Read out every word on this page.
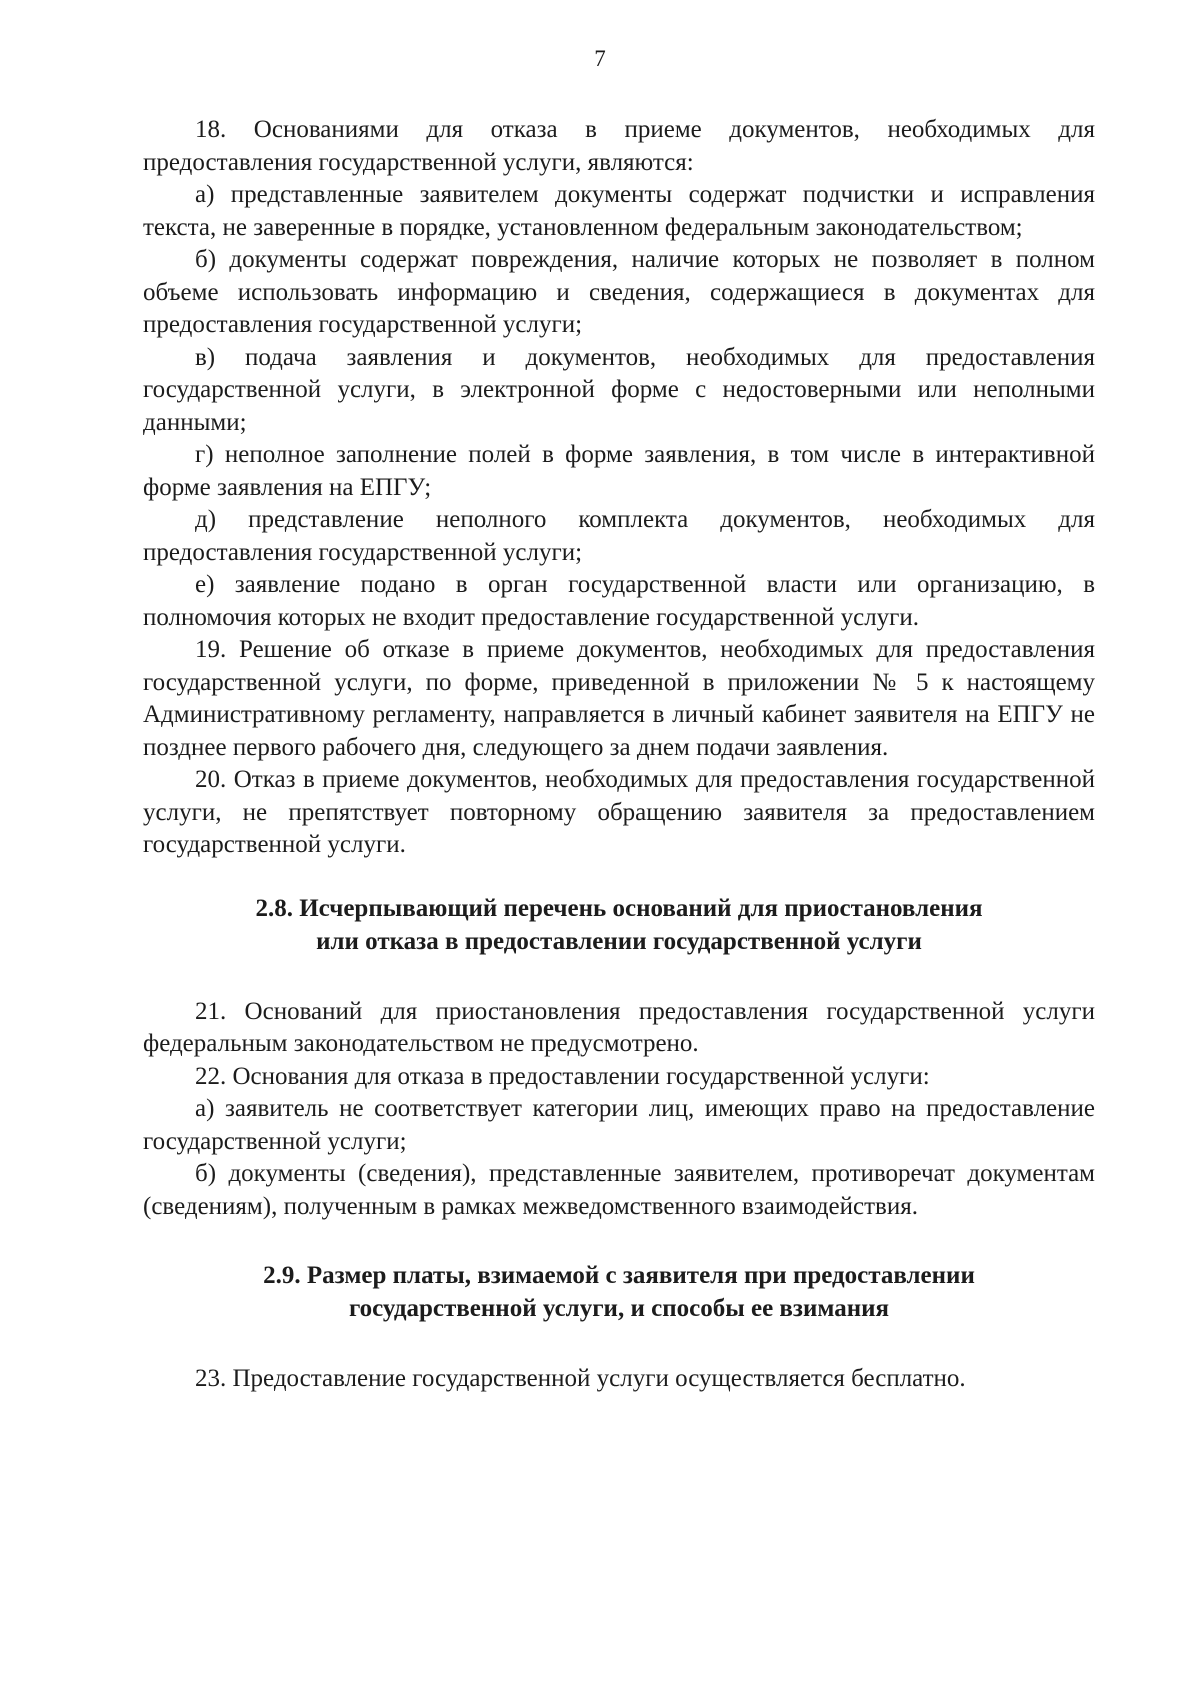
7

18. Основаниями для отказа в приеме документов, необходимых для предоставления государственной услуги, являются:

а) представленные заявителем документы содержат подчистки и исправления текста, не заверенные в порядке, установленном федеральным законодательством;

б) документы содержат повреждения, наличие которых не позволяет в полном объеме использовать информацию и сведения, содержащиеся в документах для предоставления государственной услуги;

в) подача заявления и документов, необходимых для предоставления государственной услуги, в электронной форме с недостоверными или неполными данными;

г) неполное заполнение полей в форме заявления, в том числе в интерактивной форме заявления на ЕПГУ;

д) представление неполного комплекта документов, необходимых для предоставления государственной услуги;

е) заявление подано в орган государственной власти или организацию, в полномочия которых не входит предоставление государственной услуги.

19. Решение об отказе в приеме документов, необходимых для предоставления государственной услуги, по форме, приведенной в приложении № 5 к настоящему Административному регламенту, направляется в личный кабинет заявителя на ЕПГУ не позднее первого рабочего дня, следующего за днем подачи заявления.

20. Отказ в приеме документов, необходимых для предоставления государственной услуги, не препятствует повторному обращению заявителя за предоставлением государственной услуги.

2.8. Исчерпывающий перечень оснований для приостановления
или отказа в предоставлении государственной услуги

21. Оснований для приостановления предоставления государственной услуги федеральным законодательством не предусмотрено.

22. Основания для отказа в предоставлении государственной услуги:

а) заявитель не соответствует категории лиц, имеющих право на предоставление государственной услуги;

б) документы (сведения), представленные заявителем, противоречат документам (сведениям), полученным в рамках межведомственного взаимодействия.

2.9. Размер платы, взимаемой с заявителя при предоставлении
государственной услуги, и способы ее взимания

23. Предоставление государственной услуги осуществляется бесплатно.
